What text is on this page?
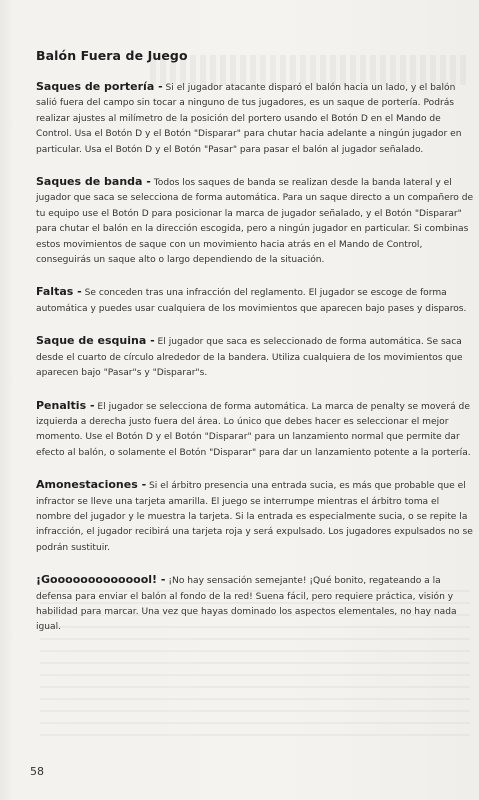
Balón Fuera de Juego

Saques de portería - Si el jugador atacante disparó el balón hacia un lado, y el balón salió fuera del campo sin tocar a ninguno de tus jugadores, es un saque de portería. Podrás realizar ajustes al milímetro de la posición del portero usando el Botón D en el Mando de Control. Usa el Botón D y el Botón "Disparar" para chutar hacia adelante a ningún jugador en particular. Usa el Botón D y el Botón "Pasar" para pasar el balón al jugador señalado.

Saques de banda - Todos los saques de banda se realizan desde la banda lateral y el jugador que saca se selecciona de forma automática. Para un saque directo a un compañero de tu equipo use el Botón D para posicionar la marca de jugador señalado, y el Botón "Disparar" para chutar el balón en la dirección escogida, pero a ningún jugador en particular. Si combinas estos movimientos de saque con un movimiento hacia atrás en el Mando de Control, conseguirás un saque alto o largo dependiendo de la situación.

Faltas - Se conceden tras una infracción del reglamento. El jugador se escoge de forma automática y puedes usar cualquiera de los movimientos que aparecen bajo pases y disparos.

Saque de esquina - El jugador que saca es seleccionado de forma automática. Se saca desde el cuarto de círculo alrededor de la bandera. Utiliza cualquiera de los movimientos que aparecen bajo "Pasar"s y "Disparar"s.

Penaltis - El jugador se selecciona de forma automática. La marca de penalty se moverá de izquierda a derecha justo fuera del área. Lo único que debes hacer es seleccionar el mejor momento. Use el Botón D y el Botón "Disparar" para un lanzamiento normal que permite dar efecto al balón, o solamente el Botón "Disparar" para dar un lanzamiento potente a la portería.

Amonestaciones - Si el árbitro presencia una entrada sucia, es más que probable que el infractor se lleve una tarjeta amarilla. El juego se interrumpe mientras el árbitro toma el nombre del jugador y le muestra la tarjeta. Si la entrada es especialmente sucia, o se repite la infracción, el jugador recibirá una tarjeta roja y será expulsado. Los jugadores expulsados no se podrán sustituir.

¡Goooooooooooool! - ¡No hay sensación semejante! ¡Qué bonito, regateando a la defensa para enviar el balón al fondo de la red! Suena fácil, pero requiere práctica, visión y habilidad para marcar. Una vez que hayas dominado los aspectos elementales, no hay nada igual.

58
